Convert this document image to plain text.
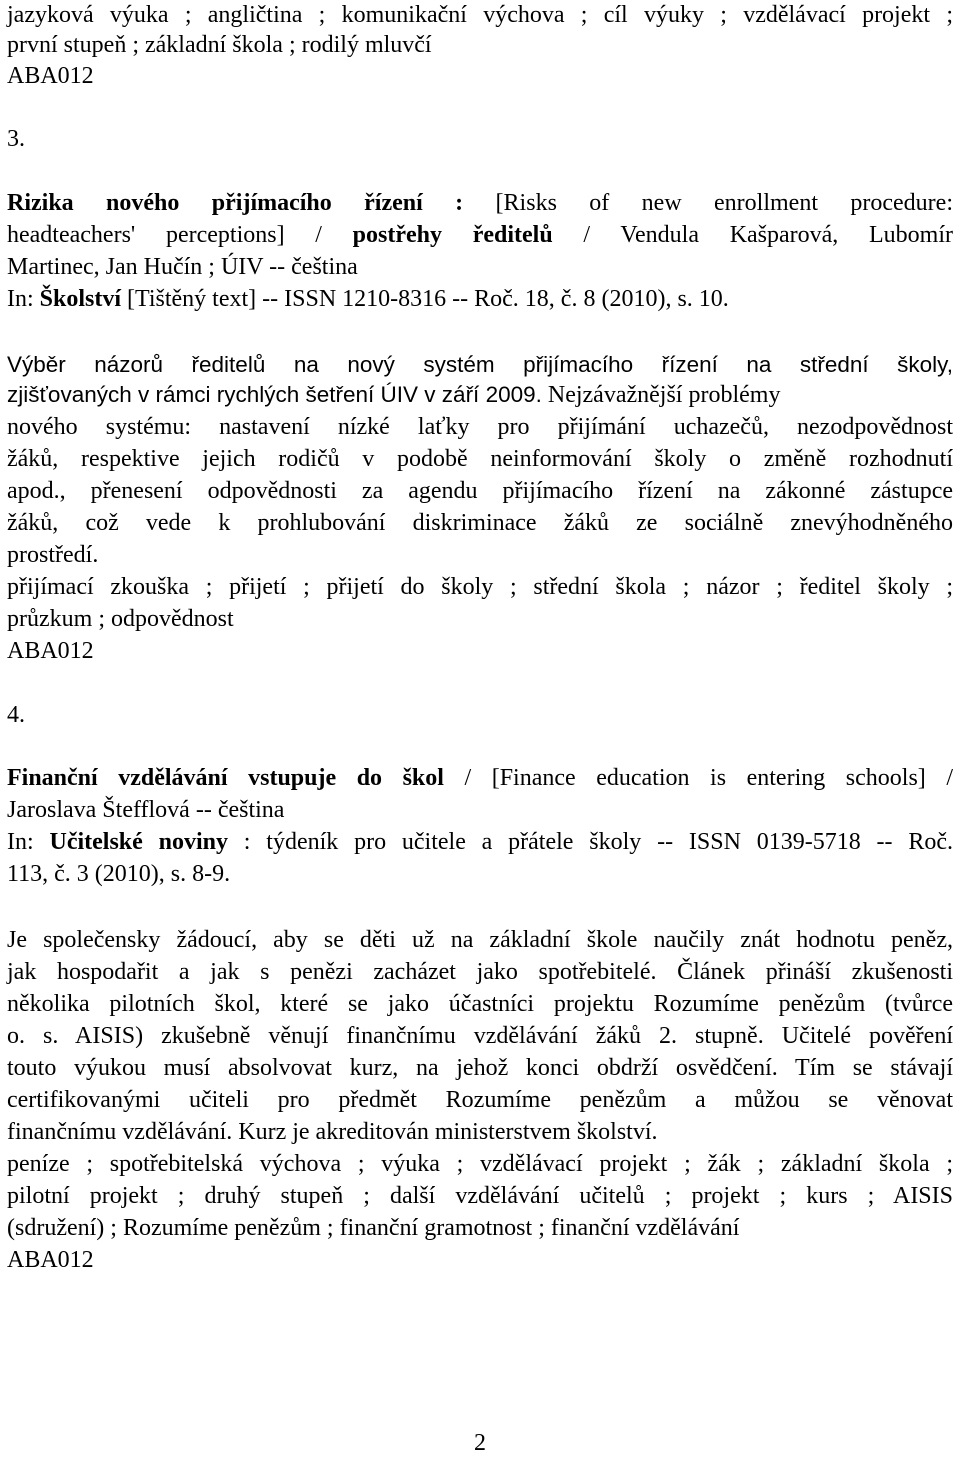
jazyková výuka ; angličtina ; komunikační výchova ; cíl výuky ; vzdělávací projekt ;
první stupeň ; základní škola ; rodilý mluvčí
ABA012
3.
Rizika nového přijímacího řízení : [Risks of new enrollment procedure:
headteachers' perceptions] / postřehy ředitelů / Vendula Kašparová, Lubomír
Martinec, Jan Hučín ; ÚIV -- čeština
In: Školství [Tištěný text] -- ISSN 1210-8316 -- Roč. 18, č. 8 (2010), s. 10.
Výběr názorů ředitelů na nový systém přijímacího řízení na střední školy,
zjišťovaných v rámci rychlých šetření ÚIV v září 2009. Nejzávažnější problémy
nového systému: nastavení nízké laťky pro přijímání uchazečů, nezodpovědnost
žáků, respektive jejich rodičů v podobě neinformování školy o změně rozhodnutí
apod., přenesení odpovědnosti za agendu přijímacího řízení na zákonné zástupce
žáků, což vede k prohlubování diskriminace žáků ze sociálně znevýhodněného
prostředí.
přijímací zkouška ; přijetí ; přijetí do školy ; střední škola ; názor ; ředitel školy ;
průzkum ; odpovědnost
ABA012
4.
Finanční vzdělávání vstupuje do škol / [Finance education is entering schools] /
Jaroslava Štefflová -- čeština
In: Učitelské noviny : týdeník pro učitele a přátele školy -- ISSN 0139-5718 -- Roč.
113, č. 3 (2010), s. 8-9.
Je společensky žádoucí, aby se děti už na základní škole naučily znát hodnotu peněz,
jak hospodařit a jak s penězi zacházet jako spotřebitelé. Článek přináší zkušenosti
několika pilotních škol, které se jako účastníci projektu Rozumíme penězům (tvůrce
o. s. AISIS) zkušebně věnují finančnímu vzdělávání žáků 2. stupně. Učitelé pověření
touto výukou musí absolvovat kurz, na jehož konci obdrží osvědčení. Tím se stávají
certifikovanými učiteli pro předmět Rozumíme penězům a můžou se věnovat
finančnímu vzdělávání. Kurz je akreditován ministerstvem školství.
peníze ; spotřebitelská výchova ; výuka ; vzdělávací projekt ; žák ; základní škola ;
pilotní projekt ; druhý stupeň ; další vzdělávání učitelů ; projekt ; kurs ; AISIS
(sdružení) ; Rozumíme penězům ; finanční gramotnost ; finanční vzdělávání
ABA012
2
